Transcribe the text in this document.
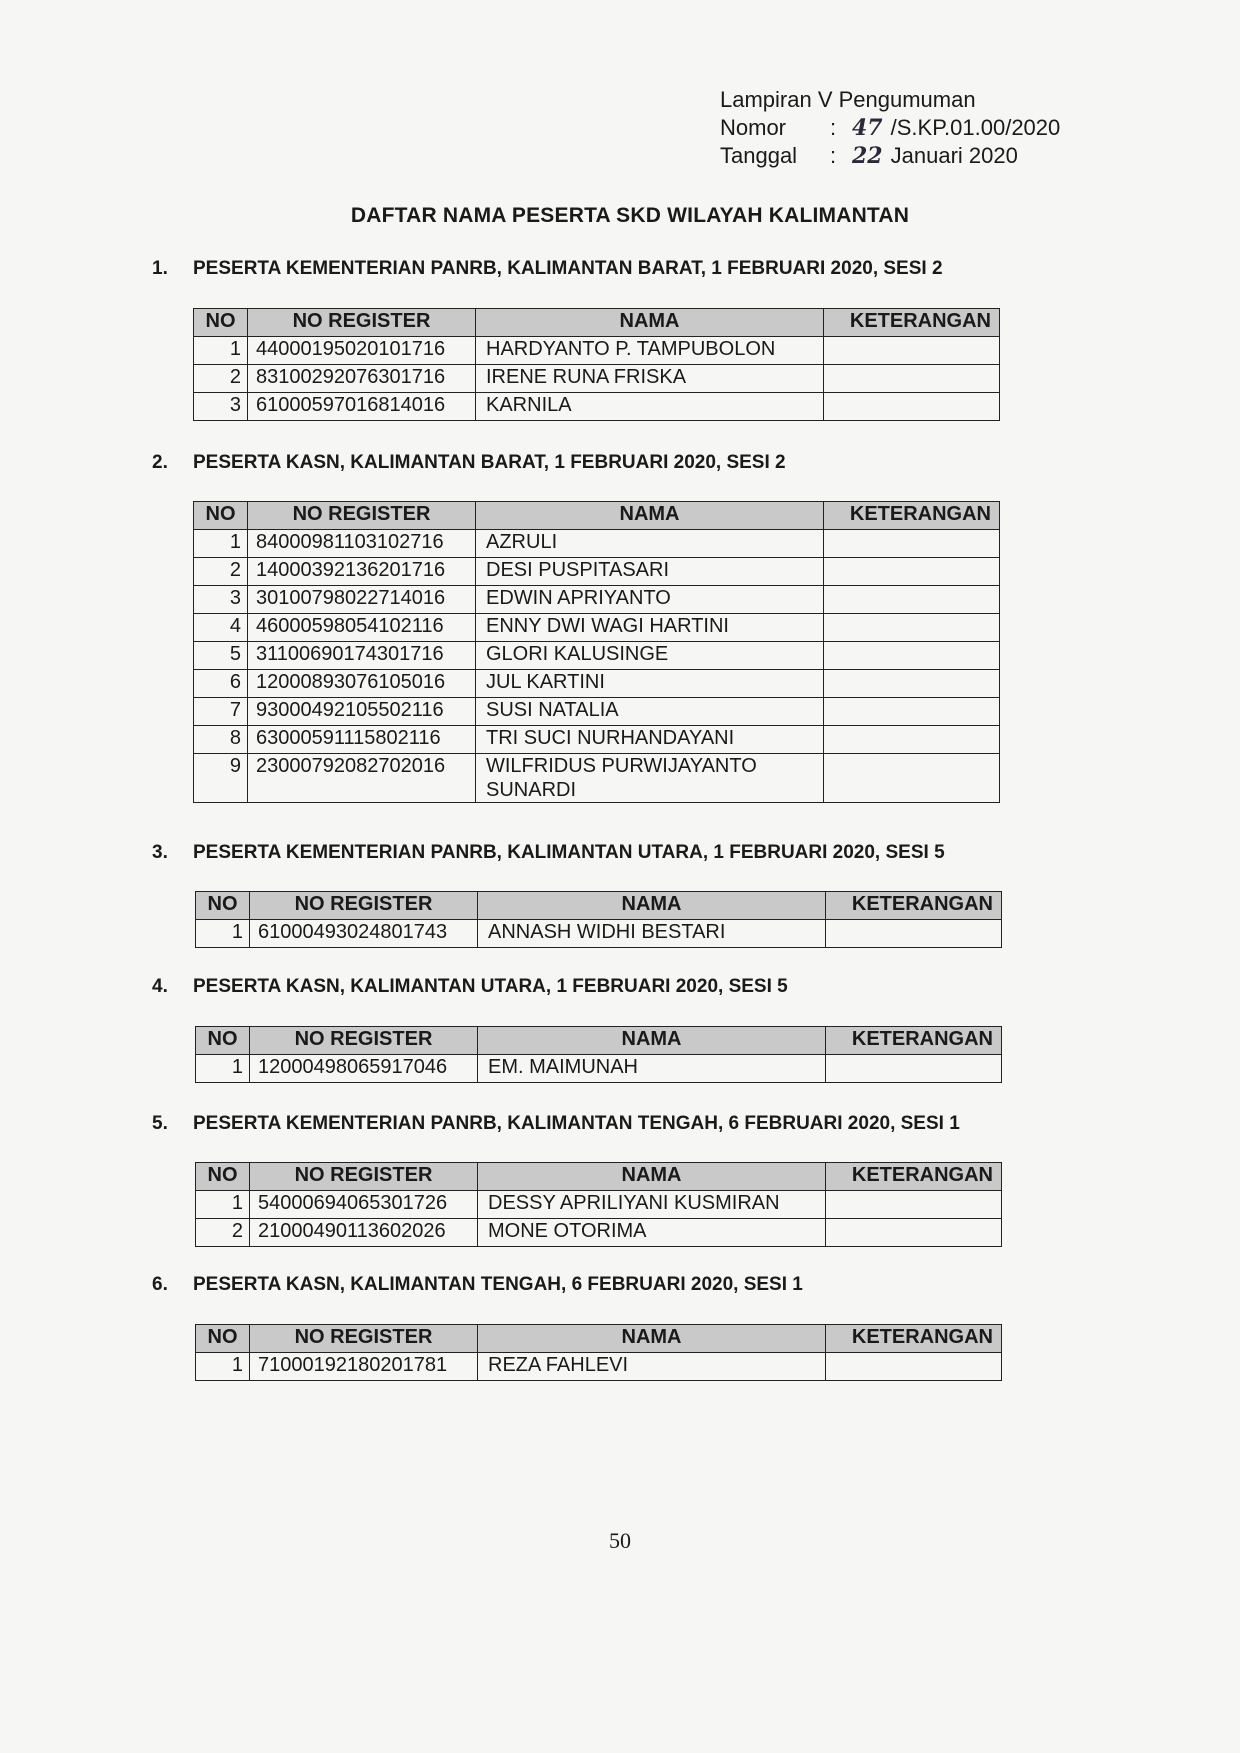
Lampiran V Pengumuman
Nomor	: 47 /S.KP.01.00/2020
Tanggal	: 22 Januari 2020
DAFTAR NAMA PESERTA SKD WILAYAH KALIMANTAN
1.	PESERTA KEMENTERIAN PANRB, KALIMANTAN BARAT, 1 FEBRUARI 2020, SESI 2
NO	NO REGISTER	NAMA	KETERANGAN
1	44000195020101716	HARDYANTO P. TAMPUBOLON	
2	83100292076301716	IRENE RUNA FRISKA	
3	61000597016814016	KARNILA	
2.	PESERTA KASN, KALIMANTAN BARAT, 1 FEBRUARI 2020, SESI 2
NO	NO REGISTER	NAMA	KETERANGAN
1	84000981103102716	AZRULI	
2	14000392136201716	DESI PUSPITASARI	
3	30100798022714016	EDWIN APRIYANTO	
4	46000598054102116	ENNY DWI WAGI HARTINI	
5	31100690174301716	GLORI KALUSINGE	
6	12000893076105016	JUL KARTINI	
7	93000492105502116	SUSI NATALIA	
8	63000591115802116	TRI SUCI NURHANDAYANI	
9	23000792082702016	WILFRIDUS PURWIJAYANTO SUNARDI	
3.	PESERTA KEMENTERIAN PANRB, KALIMANTAN UTARA, 1 FEBRUARI 2020, SESI 5
NO	NO REGISTER	NAMA	KETERANGAN
1	61000493024801743	ANNASH WIDHI BESTARI	
4.	PESERTA KASN, KALIMANTAN UTARA, 1 FEBRUARI 2020, SESI 5
NO	NO REGISTER	NAMA	KETERANGAN
1	12000498065917046	EM. MAIMUNAH	
5.	PESERTA KEMENTERIAN PANRB, KALIMANTAN TENGAH, 6 FEBRUARI 2020, SESI 1
NO	NO REGISTER	NAMA	KETERANGAN
1	54000694065301726	DESSY APRILIYANI KUSMIRAN	
2	21000490113602026	MONE OTORIMA	
6.	PESERTA KASN, KALIMANTAN TENGAH, 6 FEBRUARI 2020, SESI 1
NO	NO REGISTER	NAMA	KETERANGAN
1	71000192180201781	REZA FAHLEVI	
50
